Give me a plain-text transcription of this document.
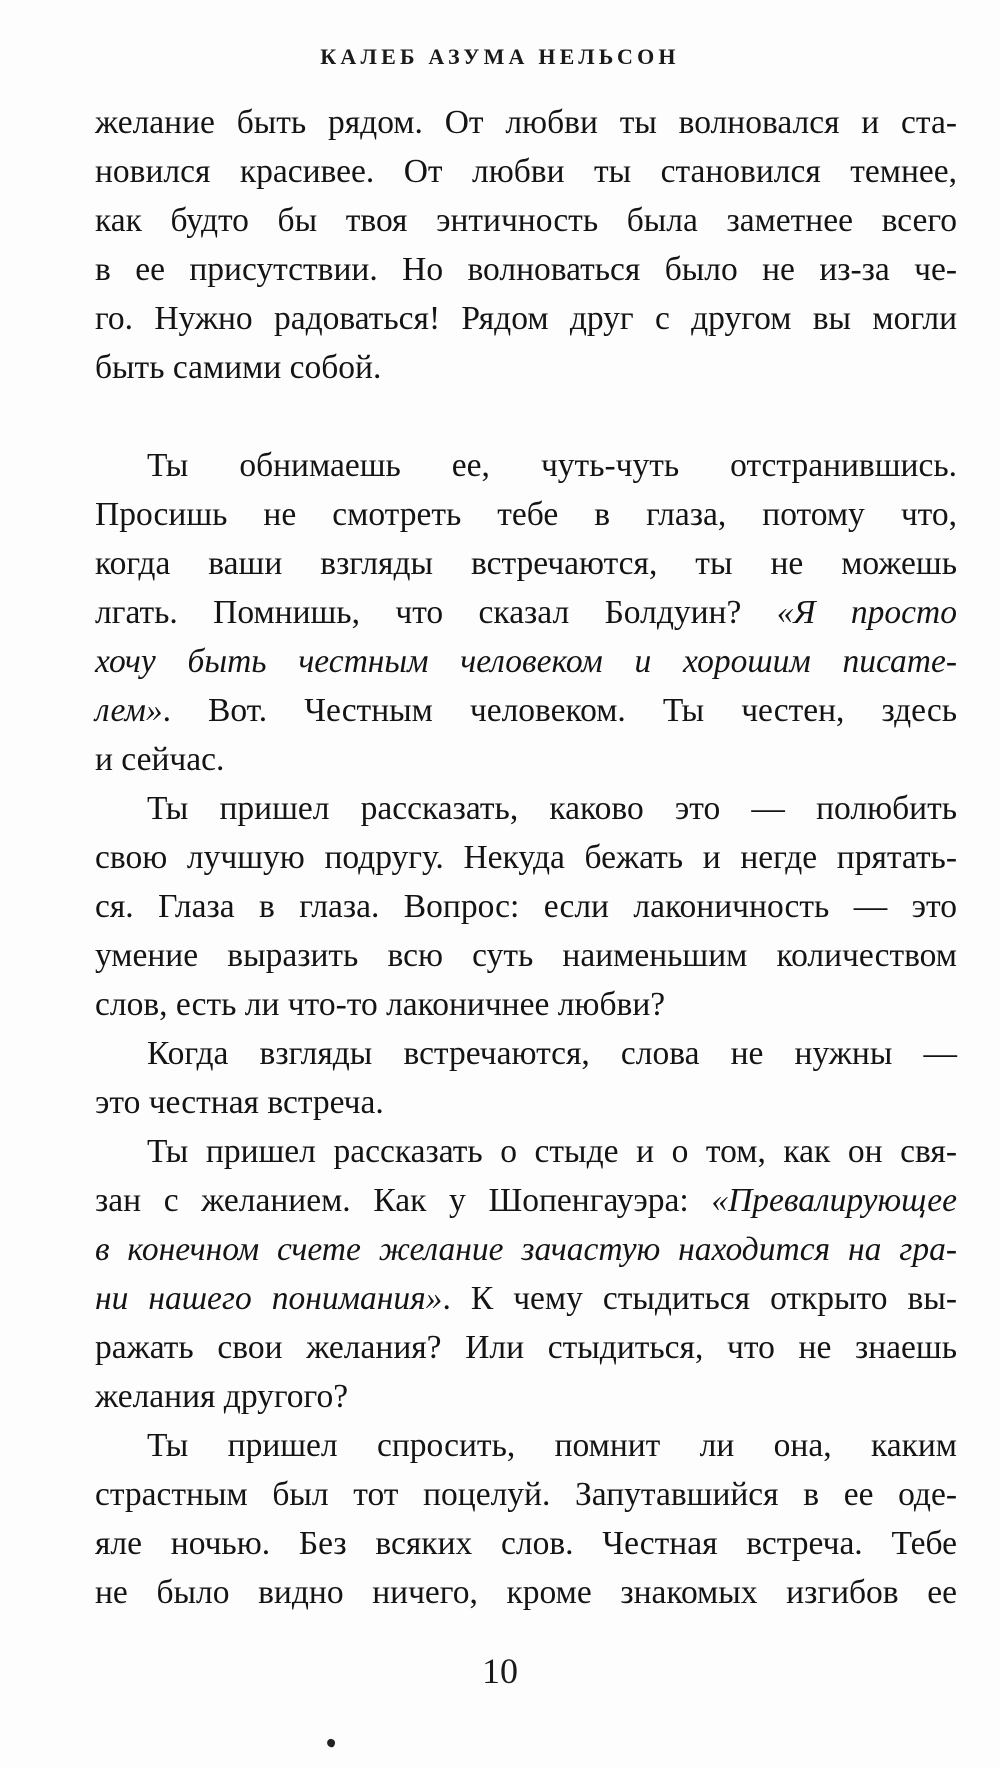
КАЛЕБ АЗУМА НЕЛЬСОН
желание быть рядом. От любви ты волновался и ста-
новился красивее. От любви ты становился темнее,
как будто бы твоя энтичность была заметнее всего
в ее присутствии. Но волноваться было не из-за че-
го. Нужно радоваться! Рядом друг с другом вы могли
быть самими собой.
Ты обнимаешь ее, чуть-чуть отстранившись.
Просишь не смотреть тебе в глаза, потому что,
когда ваши взгляды встречаются, ты не можешь
лгать. Помнишь, что сказал Болдуин? «Я просто
хочу быть честным человеком и хорошим писате-
лем». Вот. Честным человеком. Ты честен, здесь
и сейчас.
Ты пришел рассказать, каково это — полюбить
свою лучшую подругу. Некуда бежать и негде прятать-
ся. Глаза в глаза. Вопрос: если лаконичность — это
умение выразить всю суть наименьшим количеством
слов, есть ли что-то лаконичнее любви?
Когда взгляды встречаются, слова не нужны —
это честная встреча.
Ты пришел рассказать о стыде и о том, как он свя-
зан с желанием. Как у Шопенгауэра: «Превалирующее
в конечном счете желание зачастую находится на гра-
ни нашего понимания». К чему стыдиться открыто вы-
ражать свои желания? Или стыдиться, что не знаешь
желания другого?
Ты пришел спросить, помнит ли она, каким
страстным был тот поцелуй. Запутавшийся в ее оде-
яле ночью. Без всяких слов. Честная встреча. Тебе
не было видно ничего, кроме знакомых изгибов ее
10
